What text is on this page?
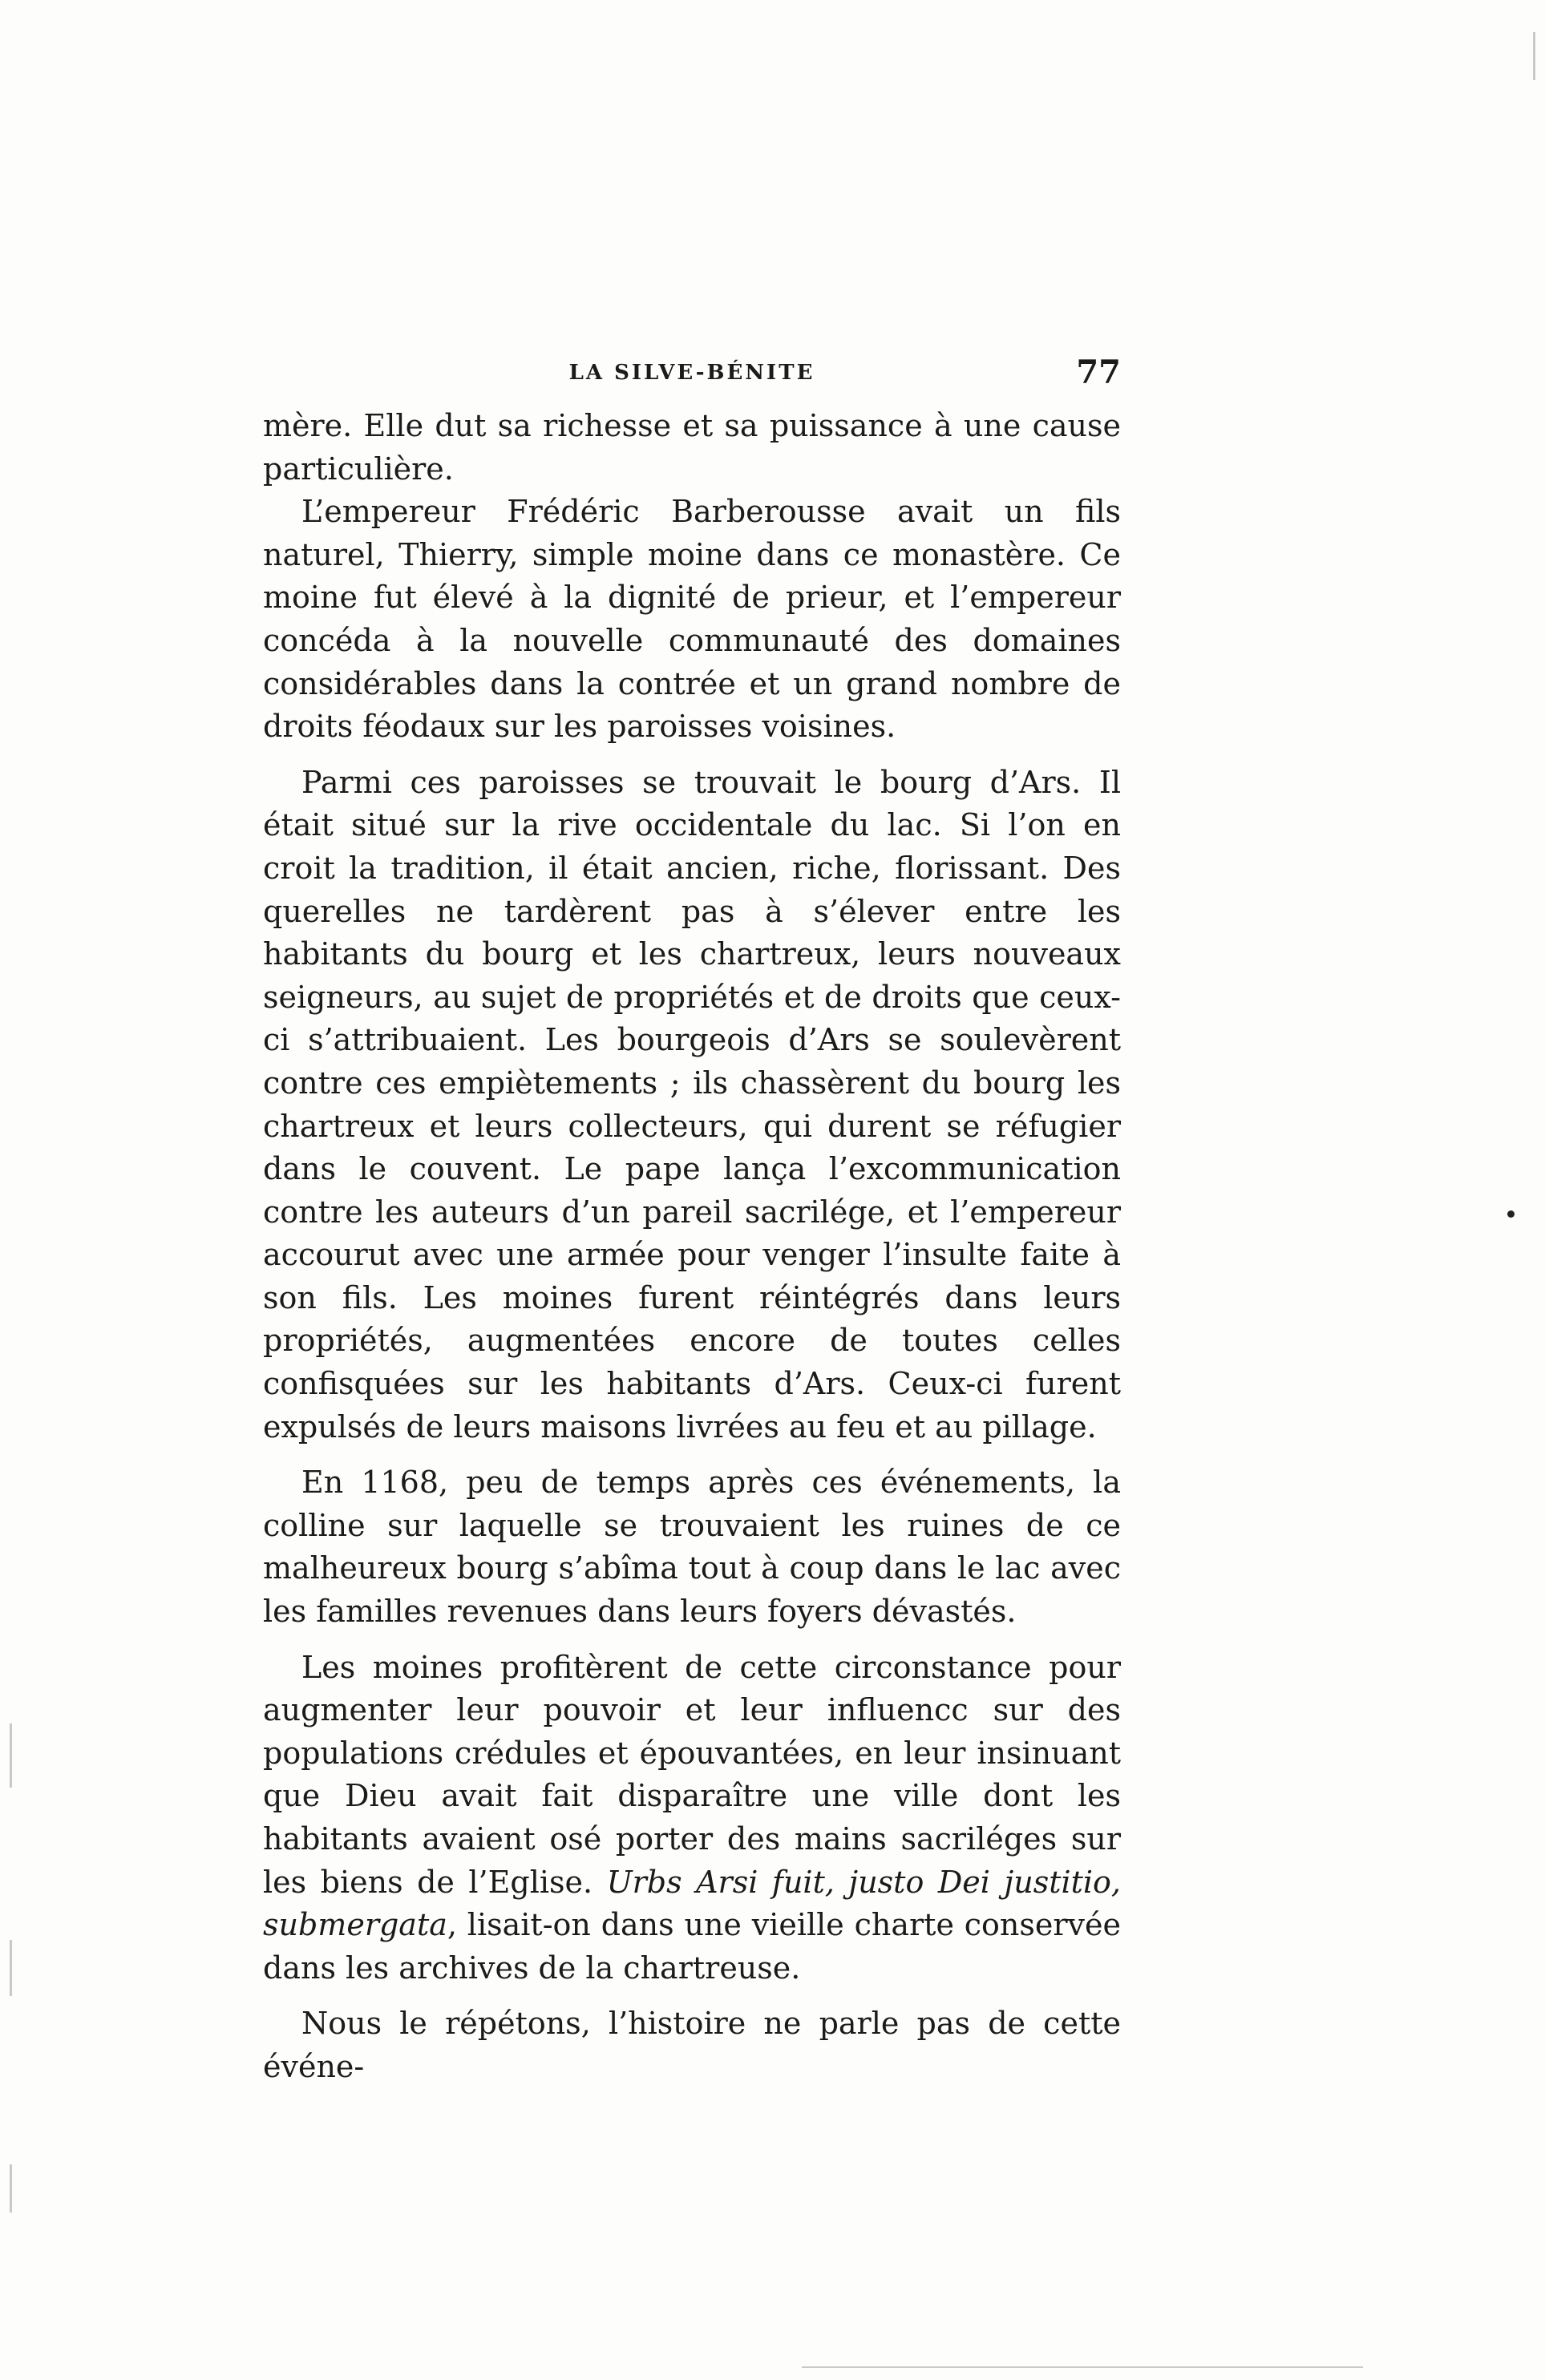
LA SILVE-BÉNITE	77

mère. Elle dut sa richesse et sa puissance à une cause particulière.

L’empereur Frédéric Barberousse avait un fils naturel, Thierry, simple moine dans ce monastère. Ce moine fut élevé à la dignité de prieur, et l’empereur concéda à la nouvelle communauté des domaines considérables dans la contrée et un grand nombre de droits féodaux sur les paroisses voisines.

Parmi ces paroisses se trouvait le bourg d’Ars. Il était situé sur la rive occidentale du lac. Si l’on en croit la tradition, il était ancien, riche, florissant. Des querelles ne tardèrent pas à s’élever entre les habitants du bourg et les chartreux, leurs nouveaux seigneurs, au sujet de propriétés et de droits que ceux-ci s’attribuaient. Les bourgeois d’Ars se soulevèrent contre ces empiètements ; ils chassèrent du bourg les chartreux et leurs collecteurs, qui durent se réfugier dans le couvent. Le pape lança l’excommunication contre les auteurs d’un pareil sacrilége, et l’empereur accourut avec une armée pour venger l’insulte faite à son fils. Les moines furent réintégrés dans leurs propriétés, augmentées encore de toutes celles confisquées sur les habitants d’Ars. Ceux-ci furent expulsés de leurs maisons livrées au feu et au pillage.

En 1168, peu de temps après ces événements, la colline sur laquelle se trouvaient les ruines de ce malheureux bourg s’abîma tout à coup dans le lac avec les familles revenues dans leurs foyers dévastés.

Les moines profitèrent de cette circonstance pour augmenter leur pouvoir et leur influencc sur des populations crédules et épouvantées, en leur insinuant que Dieu avait fait disparaître une ville dont les habitants avaient osé porter des mains sacriléges sur les biens de l’Eglise. Urbs Arsi fuit, justo Dei justitio, submergata, lisait-on dans une vieille charte conservée dans les archives de la chartreuse.

Nous le répétons, l’histoire ne parle pas de cette événe-
